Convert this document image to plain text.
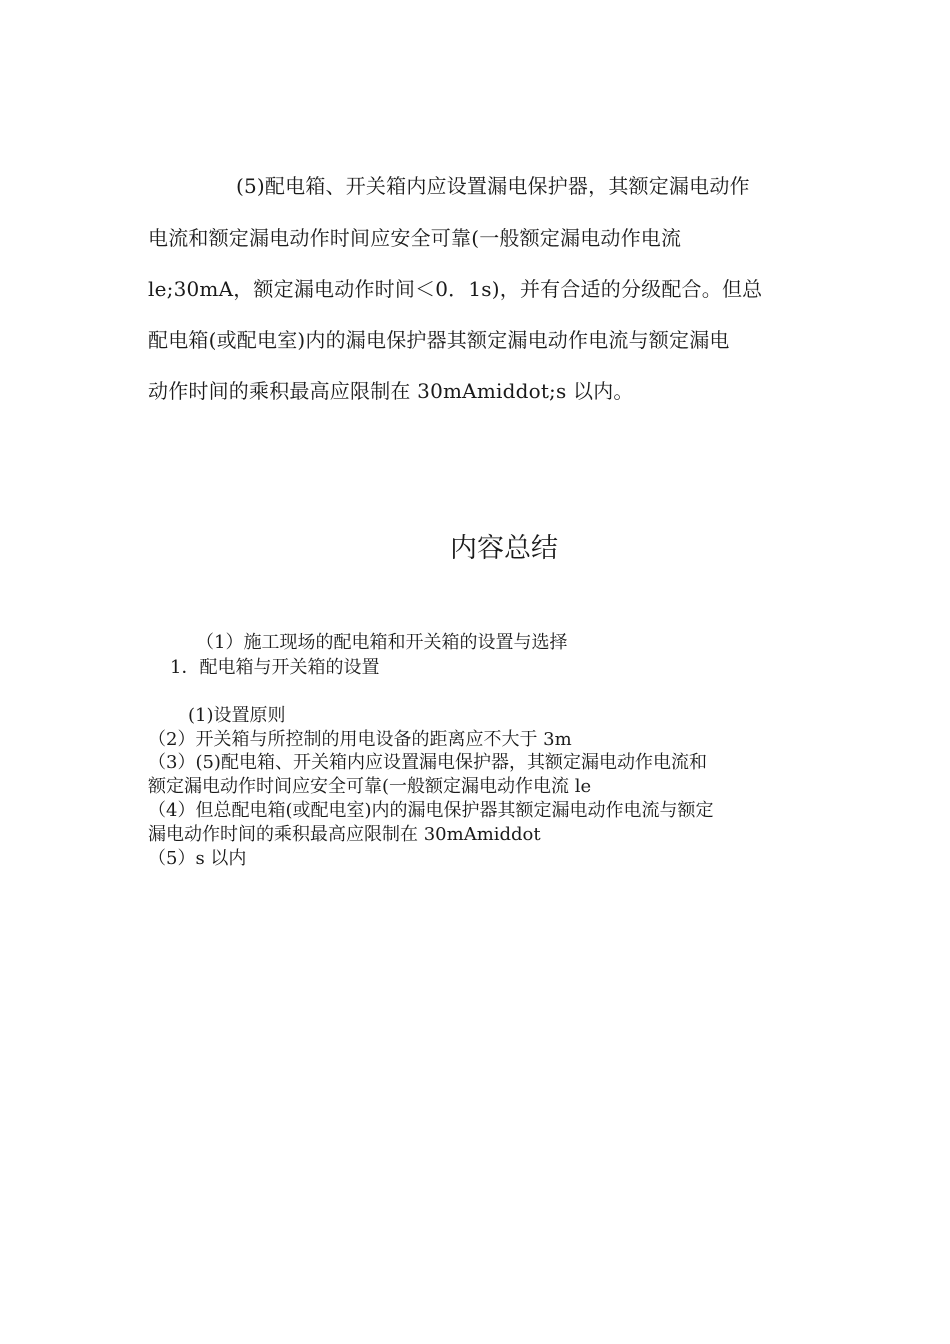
(5)配电箱、开关箱内应设置漏电保护器，其额定漏电动作
电流和额定漏电动作时间应安全可靠(一般额定漏电动作电流
le;30mA，额定漏电动作时间＜0．1s)，并有合适的分级配合。但总
配电箱(或配电室)内的漏电保护器其额定漏电动作电流与额定漏电
动作时间的乘积最高应限制在 30mAmiddot;s 以内。
内容总结
（1）施工现场的配电箱和开关箱的设置与选择
1．配电箱与开关箱的设置
(1)设置原则
（2）开关箱与所控制的用电设备的距离应不大于 3m
（3）(5)配电箱、开关箱内应设置漏电保护器，其额定漏电动作电流和
额定漏电动作时间应安全可靠(一般额定漏电动作电流 le
（4）但总配电箱(或配电室)内的漏电保护器其额定漏电动作电流与额定
漏电动作时间的乘积最高应限制在 30mAmiddot
（5）s 以内
